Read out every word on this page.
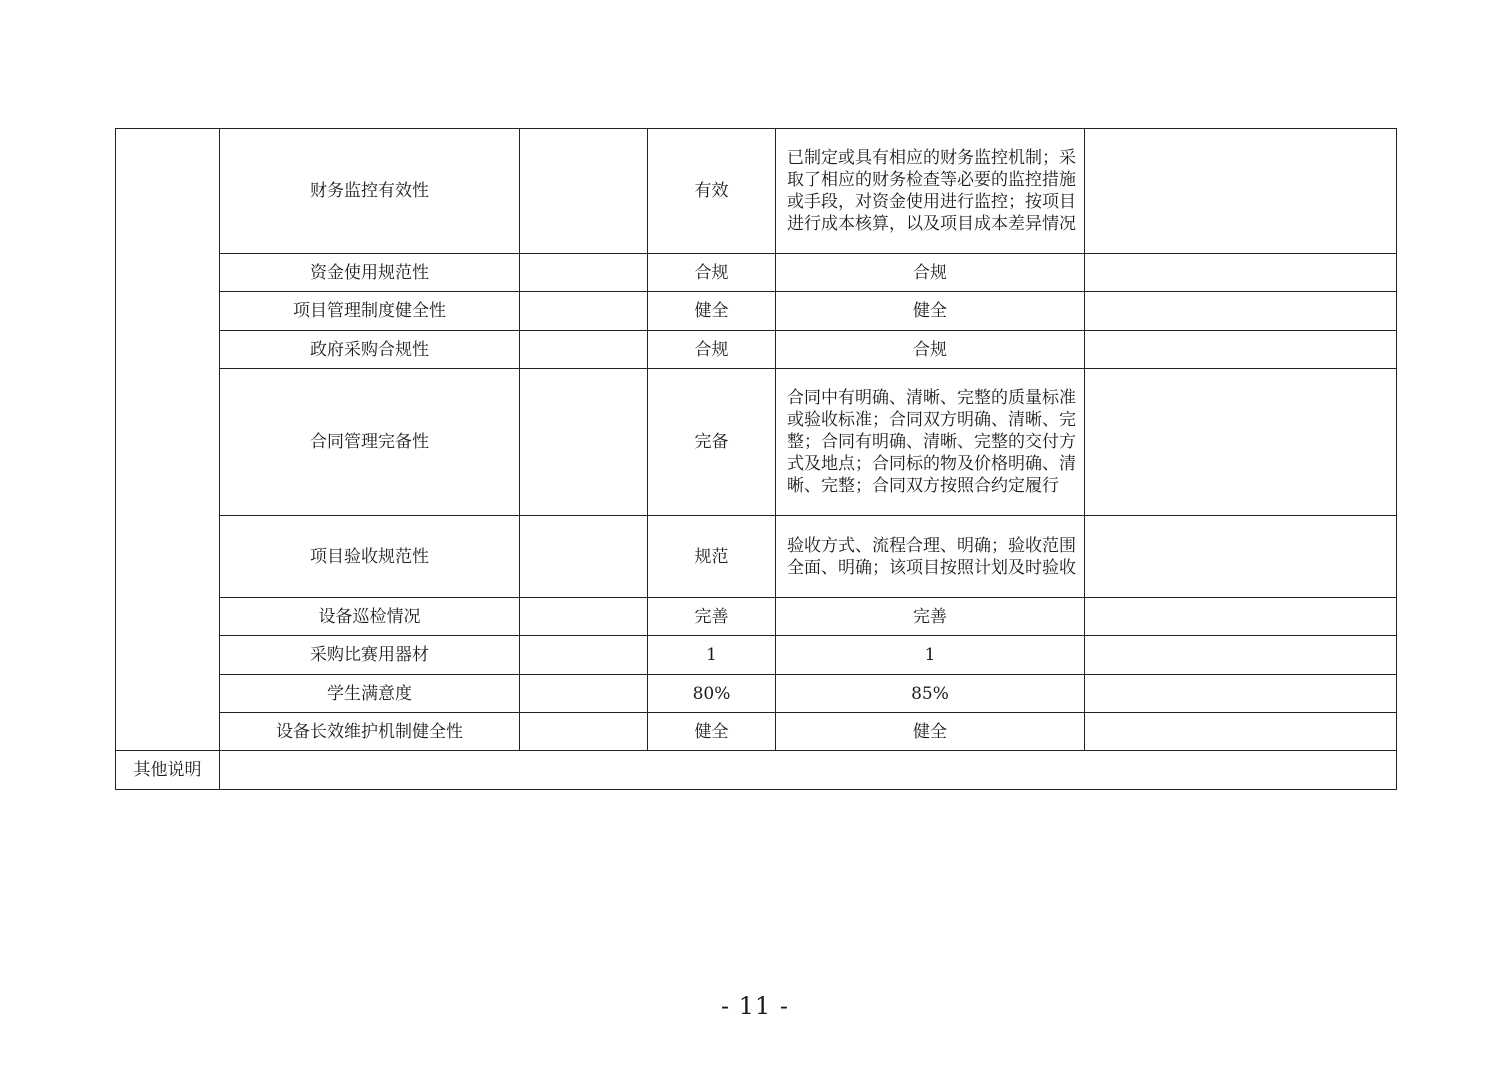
	财务监控有效性		有效	已制定或具有相应的财务监控机制；采取了相应的财务检查等必要的监控措施或手段，对资金使用进行监控；按项目进行成本核算，以及项目成本差异情况	
	资金使用规范性		合规	合规	
	项目管理制度健全性		健全	健全	
	政府采购合规性		合规	合规	
	合同管理完备性		完备	合同中有明确、清晰、完整的质量标准或验收标准；合同双方明确、清晰、完整；合同有明确、清晰、完整的交付方式及地点；合同标的物及价格明确、清晰、完整；合同双方按照合约定履行	
	项目验收规范性		规范	验收方式、流程合理、明确；验收范围全面、明确；该项目按照计划及时验收	
	设备巡检情况		完善	完善	
	采购比赛用器材		1	1	
	学生满意度		80%	85%	
	设备长效维护机制健全性		健全	健全	
其他说明					
- 11 -
